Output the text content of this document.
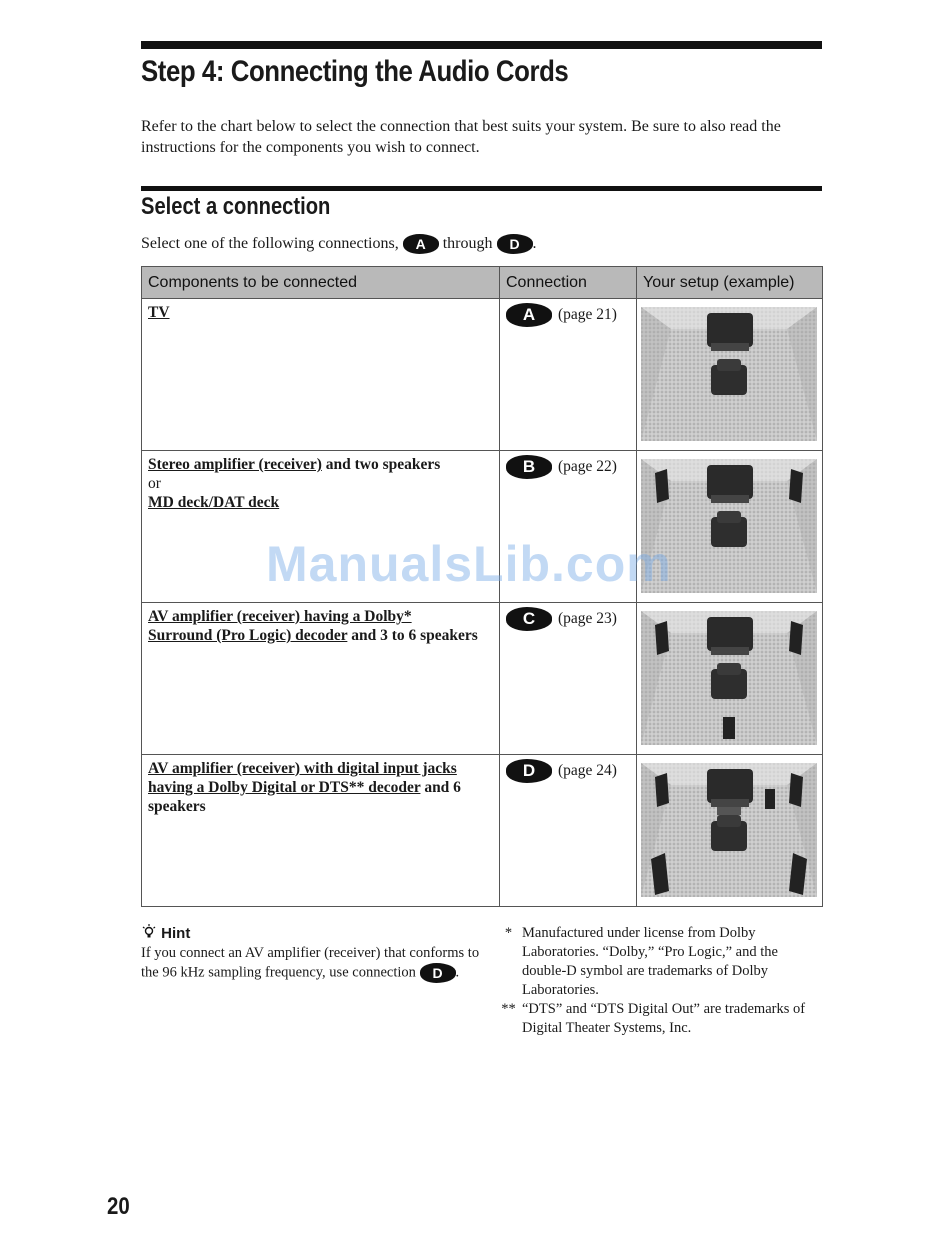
Step 4: Connecting the Audio Cords
Refer to the chart below to select the connection that best suits your system. Be sure to also read the instructions for the components you wish to connect.
Select a connection
Select one of the following connections, A through D .
Components to be connected	Connection	Your setup (example)

TV	A (page 21)

Stereo amplifier (receiver) and two speakers
or
MD deck/DAT deck	B (page 22)

AV amplifier (receiver) having a Dolby*
Surround (Pro Logic) decoder and 3 to 6 speakers	C (page 23)

AV amplifier (receiver) with digital input jacks
having a Dolby Digital or DTS** decoder and 6 speakers	D (page 24)

ManualsLib.com
Hint
If you connect an AV amplifier (receiver) that conforms to the 96 kHz sampling frequency, use connection D .
* Manufactured under license from Dolby Laboratories. “Dolby,” “Pro Logic,” and the double-D symbol are trademarks of Dolby Laboratories.
** “DTS” and “DTS Digital Out” are trademarks of Digital Theater Systems, Inc.
20
